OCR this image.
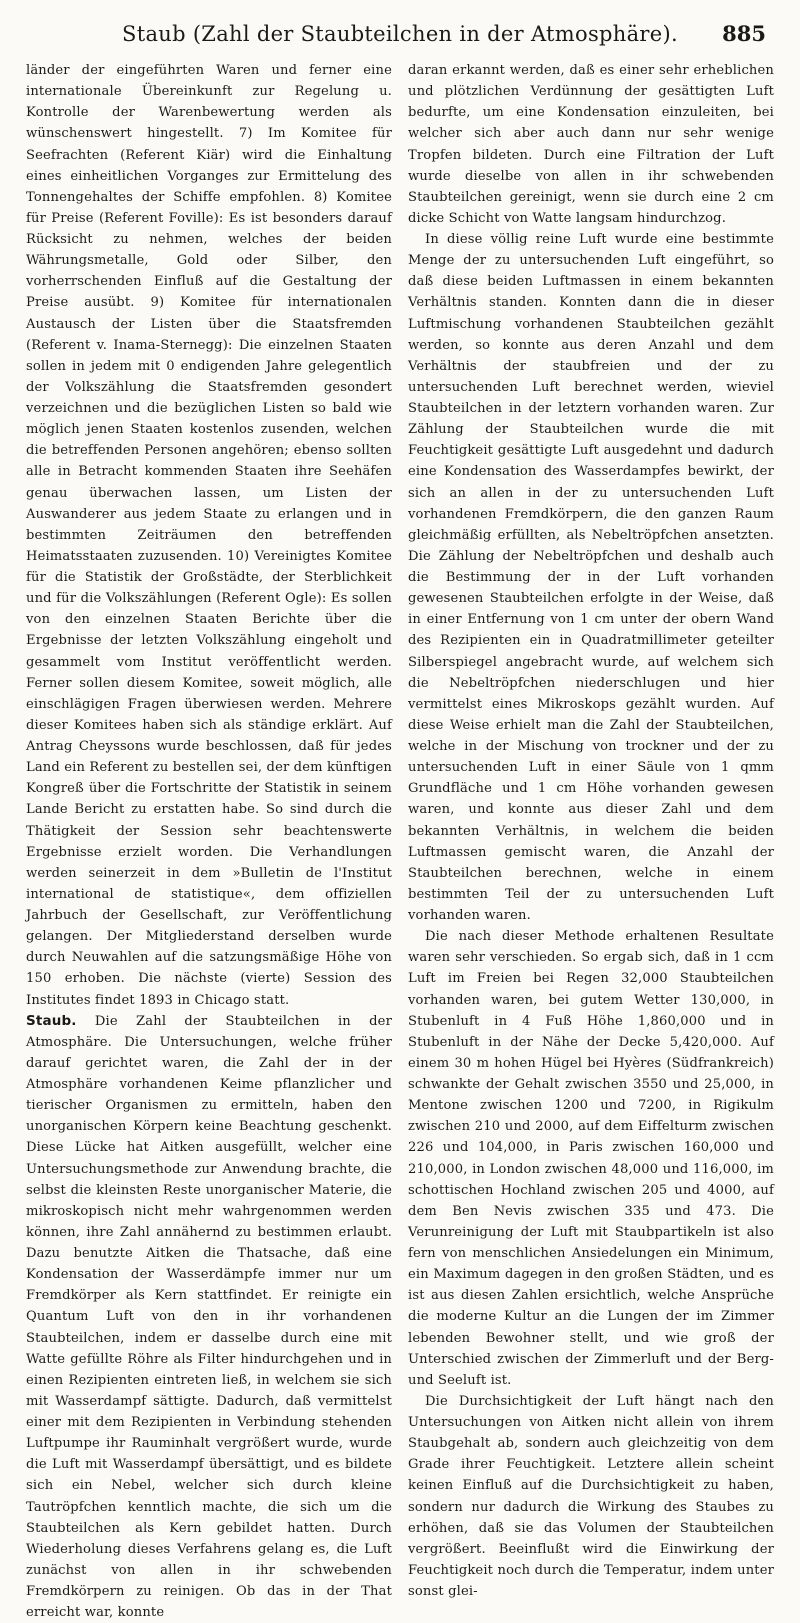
Staub (Zahl der Staubteilchen in der Atmosphäre). 885

länder der eingeführten Waren und ferner eine internationale Übereinkunft zur Regelung u. Kontrolle der Warenbewertung werden als wünschenswert hingestellt. 7) Im Komitee für Seefrachten (Referent Kiär) wird die Einhaltung eines einheitlichen Vorganges zur Ermittelung des Tonnengehaltes der Schiffe empfohlen. 8) Komitee für Preise (Referent Foville): Es ist besonders darauf Rücksicht zu nehmen, welches der beiden Währungsmetalle, Gold oder Silber, den vorherrschenden Einfluß auf die Gestaltung der Preise ausübt. 9) Komitee für internationalen Austausch der Listen über die Staatsfremden (Referent v. Inama-Sternegg): Die einzelnen Staaten sollen in jedem mit 0 endigenden Jahre gelegentlich der Volkszählung die Staatsfremden gesondert verzeichnen und die bezüglichen Listen so bald wie möglich jenen Staaten kostenlos zusenden, welchen die betreffenden Personen angehören; ebenso sollten alle in Betracht kommenden Staaten ihre Seehäfen genau überwachen lassen, um Listen der Auswanderer aus jedem Staate zu erlangen und in bestimmten Zeiträumen den betreffenden Heimatsstaaten zuzusenden. 10) Vereinigtes Komitee für die Statistik der Großstädte, der Sterblichkeit und für die Volkszählungen (Referent Ogle): Es sollen von den einzelnen Staaten Berichte über die Ergebnisse der letzten Volkszählung eingeholt und gesammelt vom Institut veröffentlicht werden. Ferner sollen diesem Komitee, soweit möglich, alle einschlägigen Fragen überwiesen werden. Mehrere dieser Komitees haben sich als ständige erklärt. Auf Antrag Cheyssons wurde beschlossen, daß für jedes Land ein Referent zu bestellen sei, der dem künftigen Kongreß über die Fortschritte der Statistik in seinem Lande Bericht zu erstatten habe. So sind durch die Thätigkeit der Session sehr beachtenswerte Ergebnisse erzielt worden. Die Verhandlungen werden seinerzeit in dem »Bulletin de l'Institut international de statistique«, dem offiziellen Jahrbuch der Gesellschaft, zur Veröffentlichung gelangen. Der Mitgliederstand derselben wurde durch Neuwahlen auf die satzungsmäßige Höhe von 150 erhoben. Die nächste (vierte) Session des Institutes findet 1893 in Chicago statt.

Staub. Die Zahl der Staubteilchen in der Atmosphäre. Die Untersuchungen, welche früher darauf gerichtet waren, die Zahl der in der Atmosphäre vorhandenen Keime pflanzlicher und tierischer Organismen zu ermitteln, haben den unorganischen Körpern keine Beachtung geschenkt. Diese Lücke hat Aitken ausgefüllt, welcher eine Untersuchungsmethode zur Anwendung brachte, die selbst die kleinsten Reste unorganischer Materie, die mikroskopisch nicht mehr wahrgenommen werden können, ihre Zahl annähernd zu bestimmen erlaubt. Dazu benutzte Aitken die Thatsache, daß eine Kondensation der Wasserdämpfe immer nur um Fremdkörper als Kern stattfindet. Er reinigte ein Quantum Luft von den in ihr vorhandenen Staubteilchen, indem er dasselbe durch eine mit Watte gefüllte Röhre als Filter hindurchgehen und in einen Rezipienten eintreten ließ, in welchem sie sich mit Wasserdampf sättigte. Dadurch, daß vermittelst einer mit dem Rezipienten in Verbindung stehenden Luftpumpe ihr Rauminhalt vergrößert wurde, wurde die Luft mit Wasserdampf übersättigt, und es bildete sich ein Nebel, welcher sich durch kleine Tautröpfchen kenntlich machte, die sich um die Staubteilchen als Kern gebildet hatten. Durch Wiederholung dieses Verfahrens gelang es, die Luft zunächst von allen in ihr schwebenden Fremdkörpern zu reinigen. Ob das in der That erreicht war, konnte

daran erkannt werden, daß es einer sehr erheblichen und plötzlichen Verdünnung der gesättigten Luft bedurfte, um eine Kondensation einzuleiten, bei welcher sich aber auch dann nur sehr wenige Tropfen bildeten. Durch eine Filtration der Luft wurde dieselbe von allen in ihr schwebenden Staubteilchen gereinigt, wenn sie durch eine 2 cm dicke Schicht von Watte langsam hindurchzog.

In diese völlig reine Luft wurde eine bestimmte Menge der zu untersuchenden Luft eingeführt, so daß diese beiden Luftmassen in einem bekannten Verhältnis standen. Konnten dann die in dieser Luftmischung vorhandenen Staubteilchen gezählt werden, so konnte aus deren Anzahl und dem Verhältnis der staubfreien und der zu untersuchenden Luft berechnet werden, wieviel Staubteilchen in der letztern vorhanden waren. Zur Zählung der Staubteilchen wurde die mit Feuchtigkeit gesättigte Luft ausgedehnt und dadurch eine Kondensation des Wasserdampfes bewirkt, der sich an allen in der zu untersuchenden Luft vorhandenen Fremdkörpern, die den ganzen Raum gleichmäßig erfüllten, als Nebeltröpfchen ansetzten. Die Zählung der Nebeltröpfchen und deshalb auch die Bestimmung der in der Luft vorhanden gewesenen Staubteilchen erfolgte in der Weise, daß in einer Entfernung von 1 cm unter der obern Wand des Rezipienten ein in Quadratmillimeter geteilter Silberspiegel angebracht wurde, auf welchem sich die Nebeltröpfchen niederschlugen und hier vermittelst eines Mikroskops gezählt wurden. Auf diese Weise erhielt man die Zahl der Staubteilchen, welche in der Mischung von trockner und der zu untersuchenden Luft in einer Säule von 1 qmm Grundfläche und 1 cm Höhe vorhanden gewesen waren, und konnte aus dieser Zahl und dem bekannten Verhältnis, in welchem die beiden Luftmassen gemischt waren, die Anzahl der Staubteilchen berechnen, welche in einem bestimmten Teil der zu untersuchenden Luft vorhanden waren.

Die nach dieser Methode erhaltenen Resultate waren sehr verschieden. So ergab sich, daß in 1 ccm Luft im Freien bei Regen 32,000 Staubteilchen vorhanden waren, bei gutem Wetter 130,000, in Stubenluft in 4 Fuß Höhe 1,860,000 und in Stubenluft in der Nähe der Decke 5,420,000. Auf einem 30 m hohen Hügel bei Hyères (Südfrankreich) schwankte der Gehalt zwischen 3550 und 25,000, in Mentone zwischen 1200 und 7200, in Rigikulm zwischen 210 und 2000, auf dem Eiffelturm zwischen 226 und 104,000, in Paris zwischen 160,000 und 210,000, in London zwischen 48,000 und 116,000, im schottischen Hochland zwischen 205 und 4000, auf dem Ben Nevis zwischen 335 und 473. Die Verunreinigung der Luft mit Staubpartikeln ist also fern von menschlichen Ansiedelungen ein Minimum, ein Maximum dagegen in den großen Städten, und es ist aus diesen Zahlen ersichtlich, welche Ansprüche die moderne Kultur an die Lungen der im Zimmer lebenden Bewohner stellt, und wie groß der Unterschied zwischen der Zimmerluft und der Berg- und Seeluft ist.

Die Durchsichtigkeit der Luft hängt nach den Untersuchungen von Aitken nicht allein von ihrem Staubgehalt ab, sondern auch gleichzeitig von dem Grade ihrer Feuchtigkeit. Letztere allein scheint keinen Einfluß auf die Durchsichtigkeit zu haben, sondern nur dadurch die Wirkung des Staubes zu erhöhen, daß sie das Volumen der Staubteilchen vergrößert. Beeinflußt wird die Einwirkung der Feuchtigkeit noch durch die Temperatur, indem unter sonst glei-
